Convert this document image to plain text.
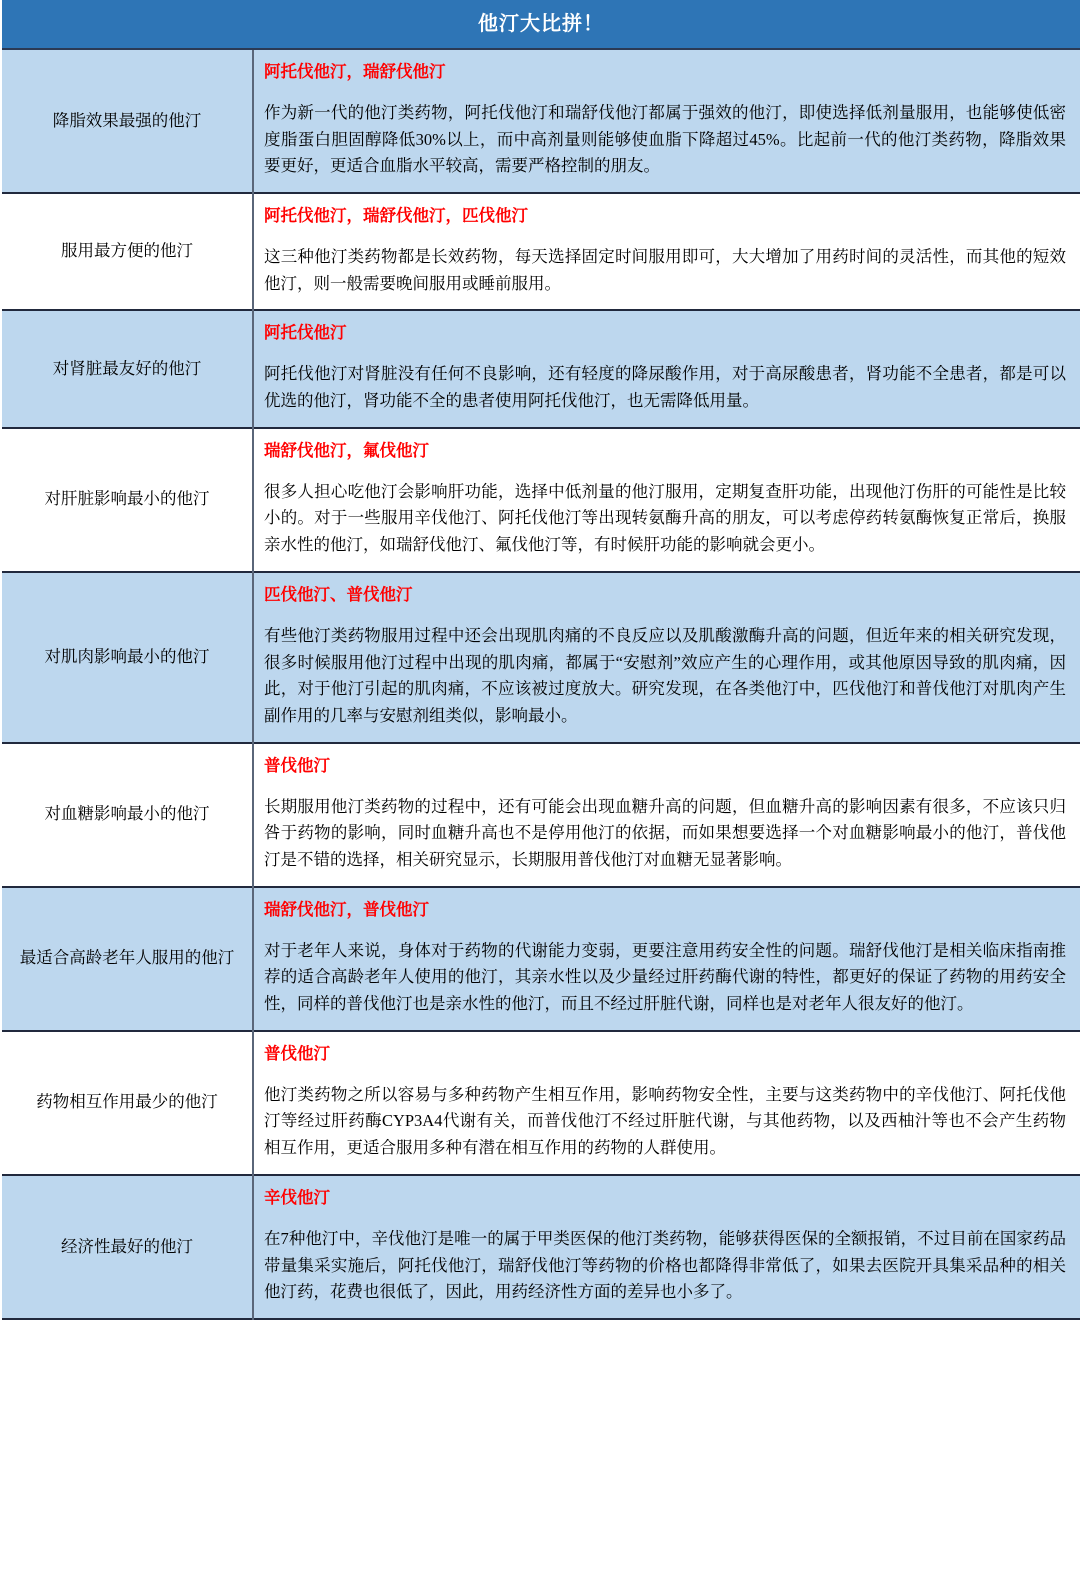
他汀大比拼！
降脂效果最强的他汀	阿托伐他汀，瑞舒伐他汀

作为新一代的他汀类药物，阿托伐他汀和瑞舒伐他汀都属于强效的他汀，即使选择低剂量服用，也能够使低密度脂蛋白胆固醇降低30%以上，而中高剂量则能够使血脂下降超过45%。比起前一代的他汀类药物，降脂效果要更好，更适合血脂水平较高，需要严格控制的朋友。

服用最方便的他汀	阿托伐他汀，瑞舒伐他汀，匹伐他汀

这三种他汀类药物都是长效药物，每天选择固定时间服用即可，大大增加了用药时间的灵活性，而其他的短效他汀，则一般需要晚间服用或睡前服用。

对肾脏最友好的他汀	阿托伐他汀

阿托伐他汀对肾脏没有任何不良影响，还有轻度的降尿酸作用，对于高尿酸患者，肾功能不全患者，都是可以优选的他汀，肾功能不全的患者使用阿托伐他汀，也无需降低用量。

对肝脏影响最小的他汀	瑞舒伐他汀，氟伐他汀

很多人担心吃他汀会影响肝功能，选择中低剂量的他汀服用，定期复查肝功能，出现他汀伤肝的可能性是比较小的。对于一些服用辛伐他汀、阿托伐他汀等出现转氨酶升高的朋友，可以考虑停药转氨酶恢复正常后，换服亲水性的他汀，如瑞舒伐他汀、氟伐他汀等，有时候肝功能的影响就会更小。

对肌肉影响最小的他汀	匹伐他汀、普伐他汀

有些他汀类药物服用过程中还会出现肌肉痛的不良反应以及肌酸激酶升高的问题，但近年来的相关研究发现，很多时候服用他汀过程中出现的肌肉痛，都属于“安慰剂”效应产生的心理作用，或其他原因导致的肌肉痛，因此，对于他汀引起的肌肉痛，不应该被过度放大。研究发现，在各类他汀中，匹伐他汀和普伐他汀对肌肉产生副作用的几率与安慰剂组类似，影响最小。

对血糖影响最小的他汀	普伐他汀

长期服用他汀类药物的过程中，还有可能会出现血糖升高的问题，但血糖升高的影响因素有很多，不应该只归咎于药物的影响，同时血糖升高也不是停用他汀的依据，而如果想要选择一个对血糖影响最小的他汀，普伐他汀是不错的选择，相关研究显示，长期服用普伐他汀对血糖无显著影响。

最适合高龄老年人服用的他汀	瑞舒伐他汀，普伐他汀

对于老年人来说，身体对于药物的代谢能力变弱，更要注意用药安全性的问题。瑞舒伐他汀是相关临床指南推荐的适合高龄老年人使用的他汀，其亲水性以及少量经过肝药酶代谢的特性，都更好的保证了药物的用药安全性，同样的普伐他汀也是亲水性的他汀，而且不经过肝脏代谢，同样也是对老年人很友好的他汀。

药物相互作用最少的他汀	普伐他汀

他汀类药物之所以容易与多种药物产生相互作用，影响药物安全性，主要与这类药物中的辛伐他汀、阿托伐他汀等经过肝药酶CYP3A4代谢有关，而普伐他汀不经过肝脏代谢，与其他药物，以及西柚汁等也不会产生药物相互作用，更适合服用多种有潜在相互作用的药物的人群使用。

经济性最好的他汀	辛伐他汀

在7种他汀中，辛伐他汀是唯一的属于甲类医保的他汀类药物，能够获得医保的全额报销，不过目前在国家药品带量集采实施后，阿托伐他汀，瑞舒伐他汀等药物的价格也都降得非常低了，如果去医院开具集采品种的相关他汀药，花费也很低了，因此，用药经济性方面的差异也小多了。
